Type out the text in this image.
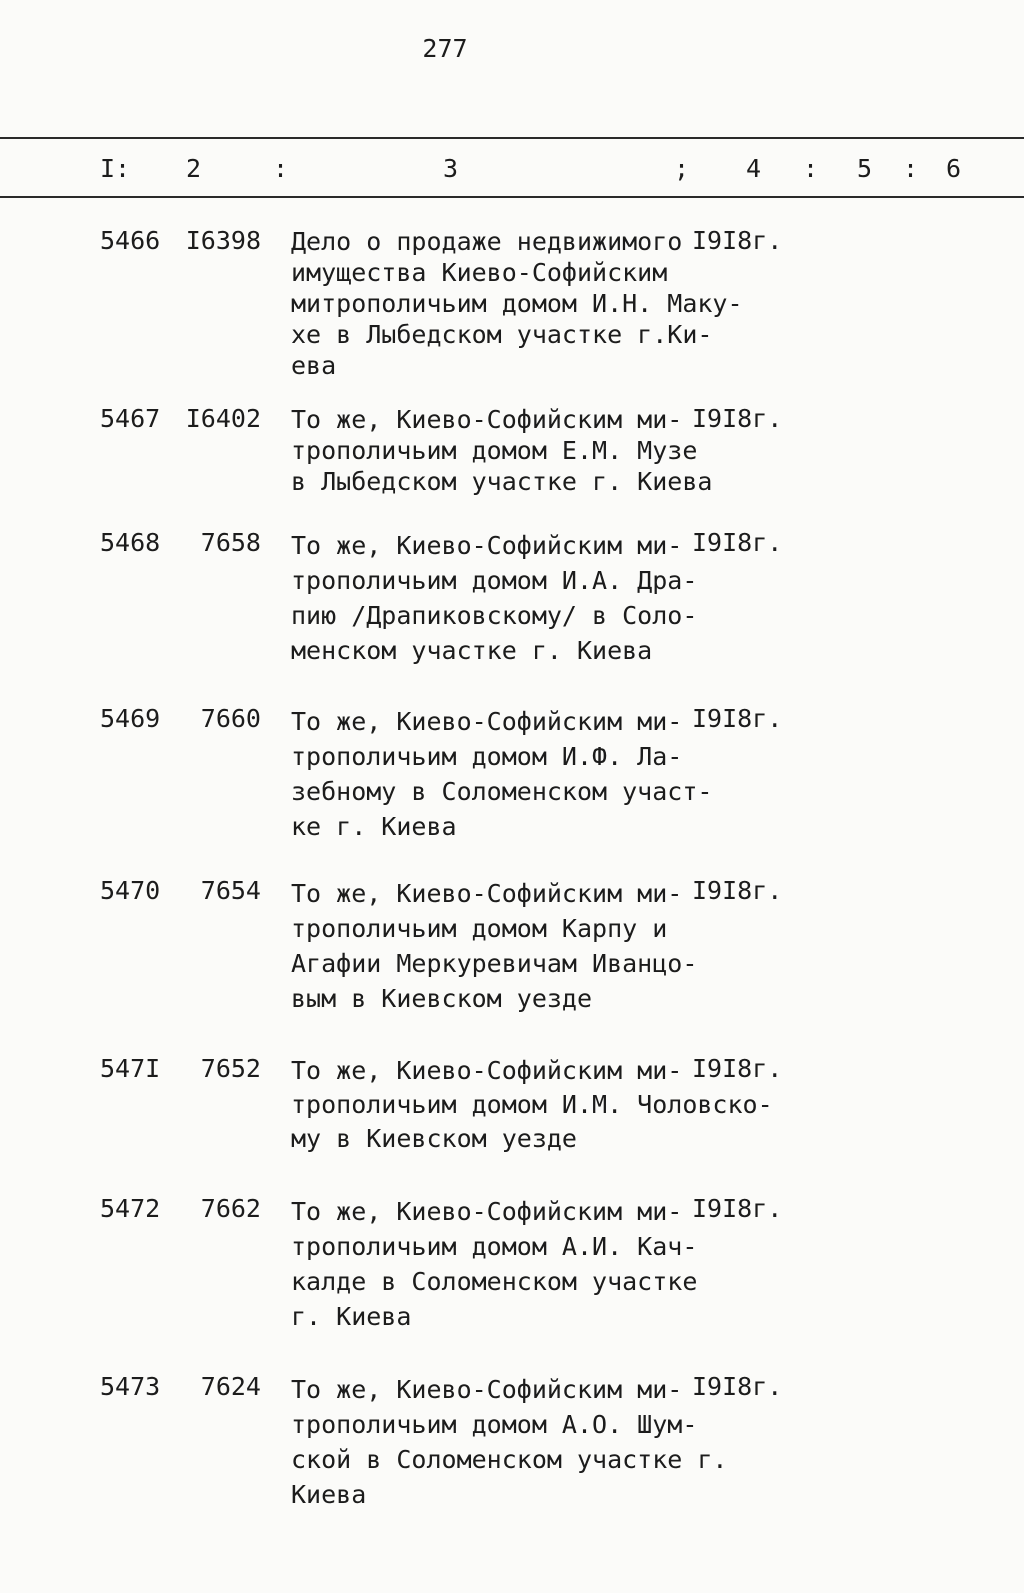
277
I: 2	:	3	; 4 : 5 : 6
5466	I6398 Дело о продаже недвижимого
имущества Киево-Софийским
митрополичьим домом И.Н. Маку-
хе в Лыбедском участке г.Ки-
ева
I9I8г.
5467	I6402 То же, Киево-Софийским ми-
трополичьим домом Е.М. Музе
в Лыбедском участке г. Киева
I9I8г.
5468	7658 То же, Киево-Софийским ми-
трополичьим домом И.А. Дра-
пию /Драпиковскому/ в Соло-
менском участке г. Киева
I9I8г.
5469	7660 То же, Киево-Софийским ми-
трополичьим домом И.Ф. Ла-
зебному в Соломенском участ-
ке г. Киева
I9I8г.
5470	7654 То же, Киево-Софийским ми-
трополичьим домом Карпу и
Агафии Меркуревичам Иванцо-
вым в Киевском уезде
I9I8г.
547I	7652 То же, Киево-Софийским ми-
трополичьим домом И.М. Чоловско-
му в Киевском уезде
I9I8г.
5472	7662 То же, Киево-Софийским ми-
трополичьим домом А.И. Кач-
калде в Соломенском участке
г. Киева
I9I8г.
5473	7624 То же, Киево-Софийским ми-
трополичьим домом А.О. Шум-
ской в Соломенском участке г.
Киева
I9I8г.
